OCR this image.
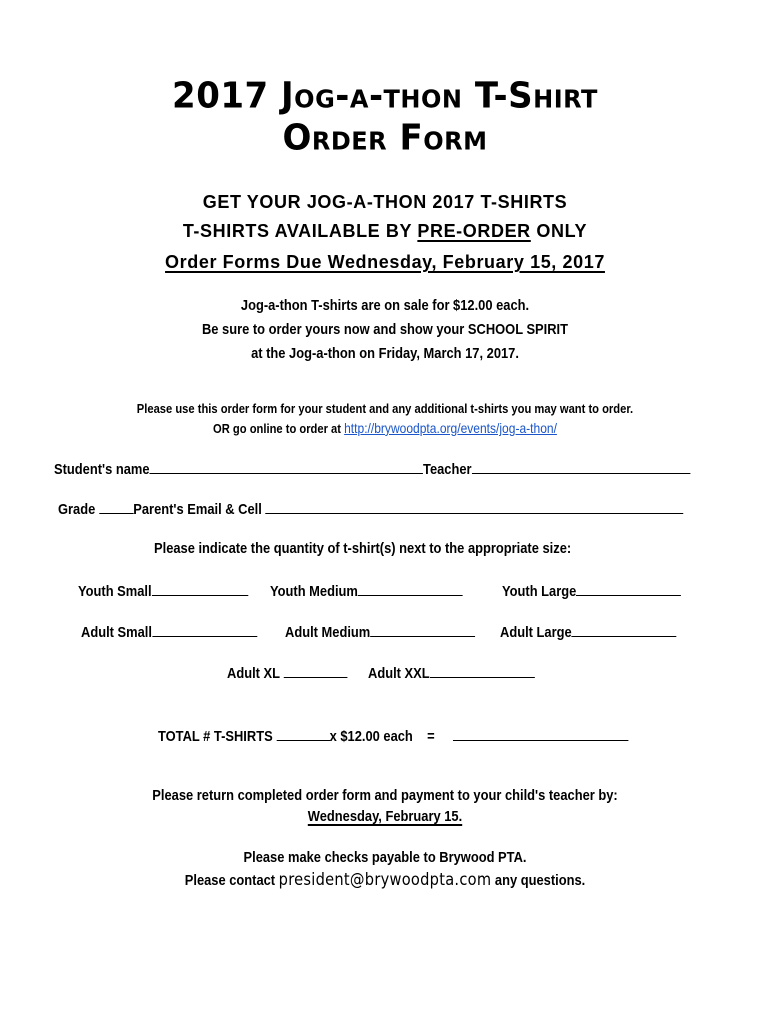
2017 Jog-a-thon T-Shirt
Order Form
GET YOUR JOG-A-THON 2017 T-SHIRTS
T-SHIRTS AVAILABLE BY PRE-ORDER ONLY
Order Forms Due Wednesday, February 15, 2017
Jog-a-thon T-shirts are on sale for $12.00 each.
Be sure to order yours now and show your SCHOOL SPIRIT
at the Jog-a-thon on Friday, March 17, 2017.
Please use this order form for your student and any additional t-shirts you may want to order.
OR go online to order at http://brywoodpta.org/events/jog-a-thon/
Student's name	Teacher
Grade	Parent's Email & Cell
Please indicate the quantity of t-shirt(s) next to the appropriate size:
Youth Small	Youth Medium	Youth Large
Adult Small	Adult Medium	Adult Large
Adult XL	Adult XXL
TOTAL # T-SHIRTS	x $12.00 each =
Please return completed order form and payment to your child's teacher by:
Wednesday, February 15.
Please make checks payable to Brywood PTA.
Please contact president@brywoodpta.com any questions.
